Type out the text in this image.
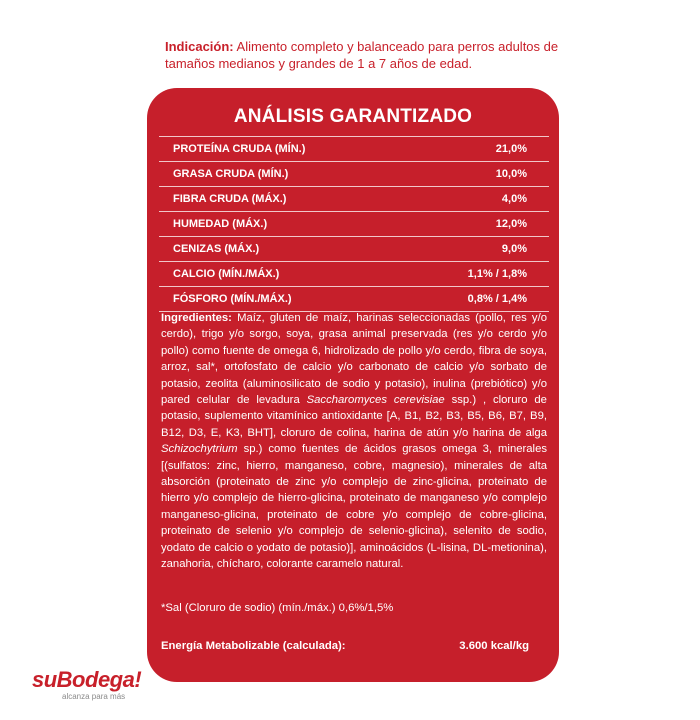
Indicación: Alimento completo y balanceado para perros adultos de tamaños medianos y grandes de 1 a 7 años de edad.
ANÁLISIS GARANTIZADO
PROTEÍNA CRUDA (MÍN.)	21,0%
GRASA CRUDA (MÍN.)	10,0%
FIBRA CRUDA (MÁX.)	4,0%
HUMEDAD (MÁX.)	12,0%
CENIZAS (MÁX.)	9,0%
CALCIO (MÍN./MÁX.)	1,1% / 1,8%
FÓSFORO (MÍN./MÁX.)	0,8% / 1,4%
Ingredientes: Maíz, gluten de maíz, harinas seleccionadas (pollo, res y/o cerdo), trigo y/o sorgo, soya, grasa animal preservada (res y/o cerdo y/o pollo) como fuente de omega 6, hidrolizado de pollo y/o cerdo, fibra de soya, arroz, sal*, ortofosfato de calcio y/o carbonato de calcio y/o sorbato de potasio, zeolita (aluminosilicato de sodio y potasio), inulina (prebiótico) y/o pared celular de levadura Saccharomyces cerevisiae ssp.) , cloruro de potasio, suplemento vitamínico antioxidante [A, B1, B2, B3, B5, B6, B7, B9, B12, D3, E, K3, BHT], cloruro de colina, harina de atún y/o harina de alga Schizochytrium sp.) como fuentes de ácidos grasos omega 3, minerales [(sulfatos: zinc, hierro, manganeso, cobre, magnesio), minerales de alta absorción (proteinato de zinc y/o complejo de zinc-glicina, proteinato de hierro y/o complejo de hierro-glicina, proteinato de manganeso y/o complejo manganeso-glicina, proteinato de cobre y/o complejo de cobre-glicina, proteinato de selenio y/o complejo de selenio-glicina), selenito de sodio, yodato de calcio o yodato de potasio)], aminoácidos (L-lisina, DL-metionina), zanahoria, chícharo, colorante caramelo natural.
*Sal (Cloruro de sodio) (mín./máx.) 0,6%/1,5%
Energía Metabolizable (calculada):	3.600 kcal/kg
suBodega!
alcanza para más
